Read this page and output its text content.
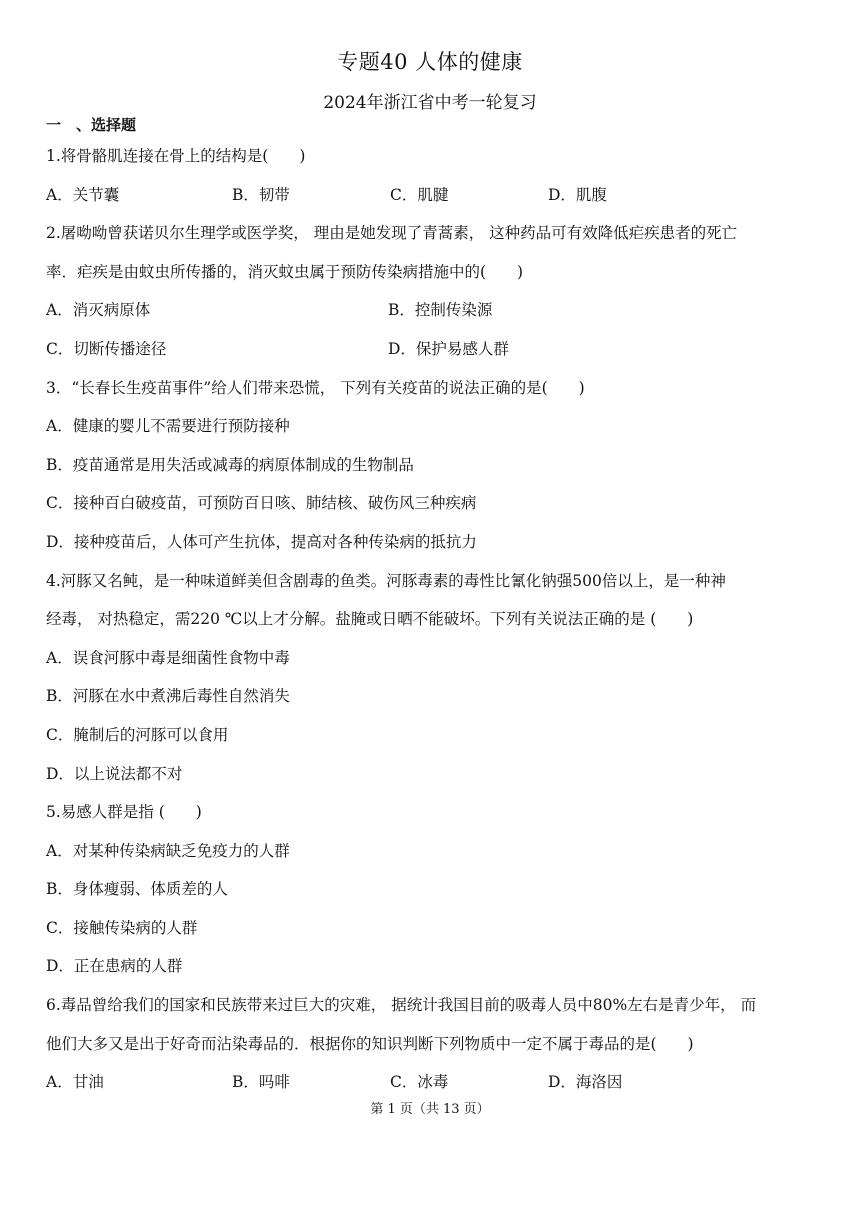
专题40 人体的健康
2024年浙江省中考一轮复习
一　、选择题
1.将骨骼肌连接在骨上的结构是(　　)
A．关节囊	B．韧带	C．肌腱	D．肌腹
2.屠呦呦曾获诺贝尔生理学或医学奖， 理由是她发现了青蒿素， 这种药品可有效降低疟疾患者的死亡
率．疟疾是由蚊虫所传播的，消灭蚊虫属于预防传染病措施中的(　　)
A．消灭病原体	B．控制传染源
C．切断传播途径	D．保护易感人群
3．“长春长生疫苗事件”给人们带来恐慌， 下列有关疫苗的说法正确的是(　　)
A．健康的婴儿不需要进行预防接种
B．疫苗通常是用失活或减毒的病原体制成的生物制品
C．接种百白破疫苗，可预防百日咳、肺结核、破伤风三种疾病
D．接种疫苗后，人体可产生抗体，提高对各种传染病的抵抗力
4.河豚又名鲀，是一种味道鲜美但含剧毒的鱼类。河豚毒素的毒性比氰化钠强500倍以上，是一种神
经毒， 对热稳定，需220 ℃以上才分解。盐腌或日晒不能破坏。下列有关说法正确的是 (　　)
A．误食河豚中毒是细菌性食物中毒
B．河豚在水中煮沸后毒性自然消失
C．腌制后的河豚可以食用
D．以上说法都不对
5.易感人群是指 (　　)
A．对某种传染病缺乏免疫力的人群
B．身体瘦弱、体质差的人
C．接触传染病的人群
D．正在患病的人群
6.毒品曾给我们的国家和民族带来过巨大的灾难， 据统计我国目前的吸毒人员中80%左右是青少年， 而
他们大多又是出于好奇而沾染毒品的．根据你的知识判断下列物质中一定不属于毒品的是(　　)
A．甘油	B．吗啡	C．冰毒	D．海洛因
第 1 页（共 13 页）
